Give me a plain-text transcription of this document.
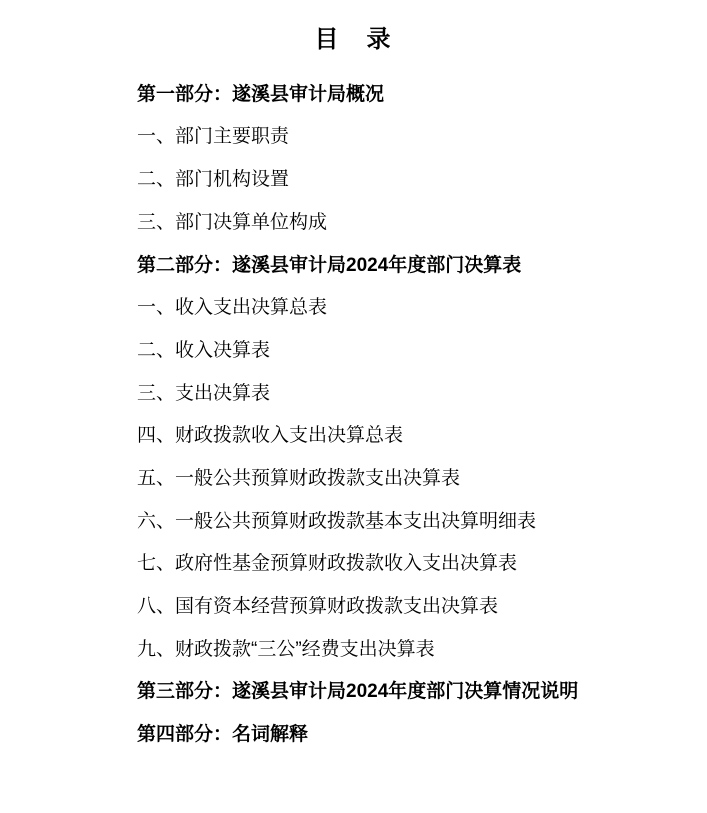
目　录
第一部分：遂溪县审计局概况
一、部门主要职责
二、部门机构设置
三、部门决算单位构成
第二部分：遂溪县审计局2024年度部门决算表
一、收入支出决算总表
二、收入决算表
三、支出决算表
四、财政拨款收入支出决算总表
五、一般公共预算财政拨款支出决算表
六、一般公共预算财政拨款基本支出决算明细表
七、政府性基金预算财政拨款收入支出决算表
八、国有资本经营预算财政拨款支出决算表
九、财政拨款“三公”经费支出决算表
第三部分：遂溪县审计局2024年度部门决算情况说明
第四部分：名词解释
